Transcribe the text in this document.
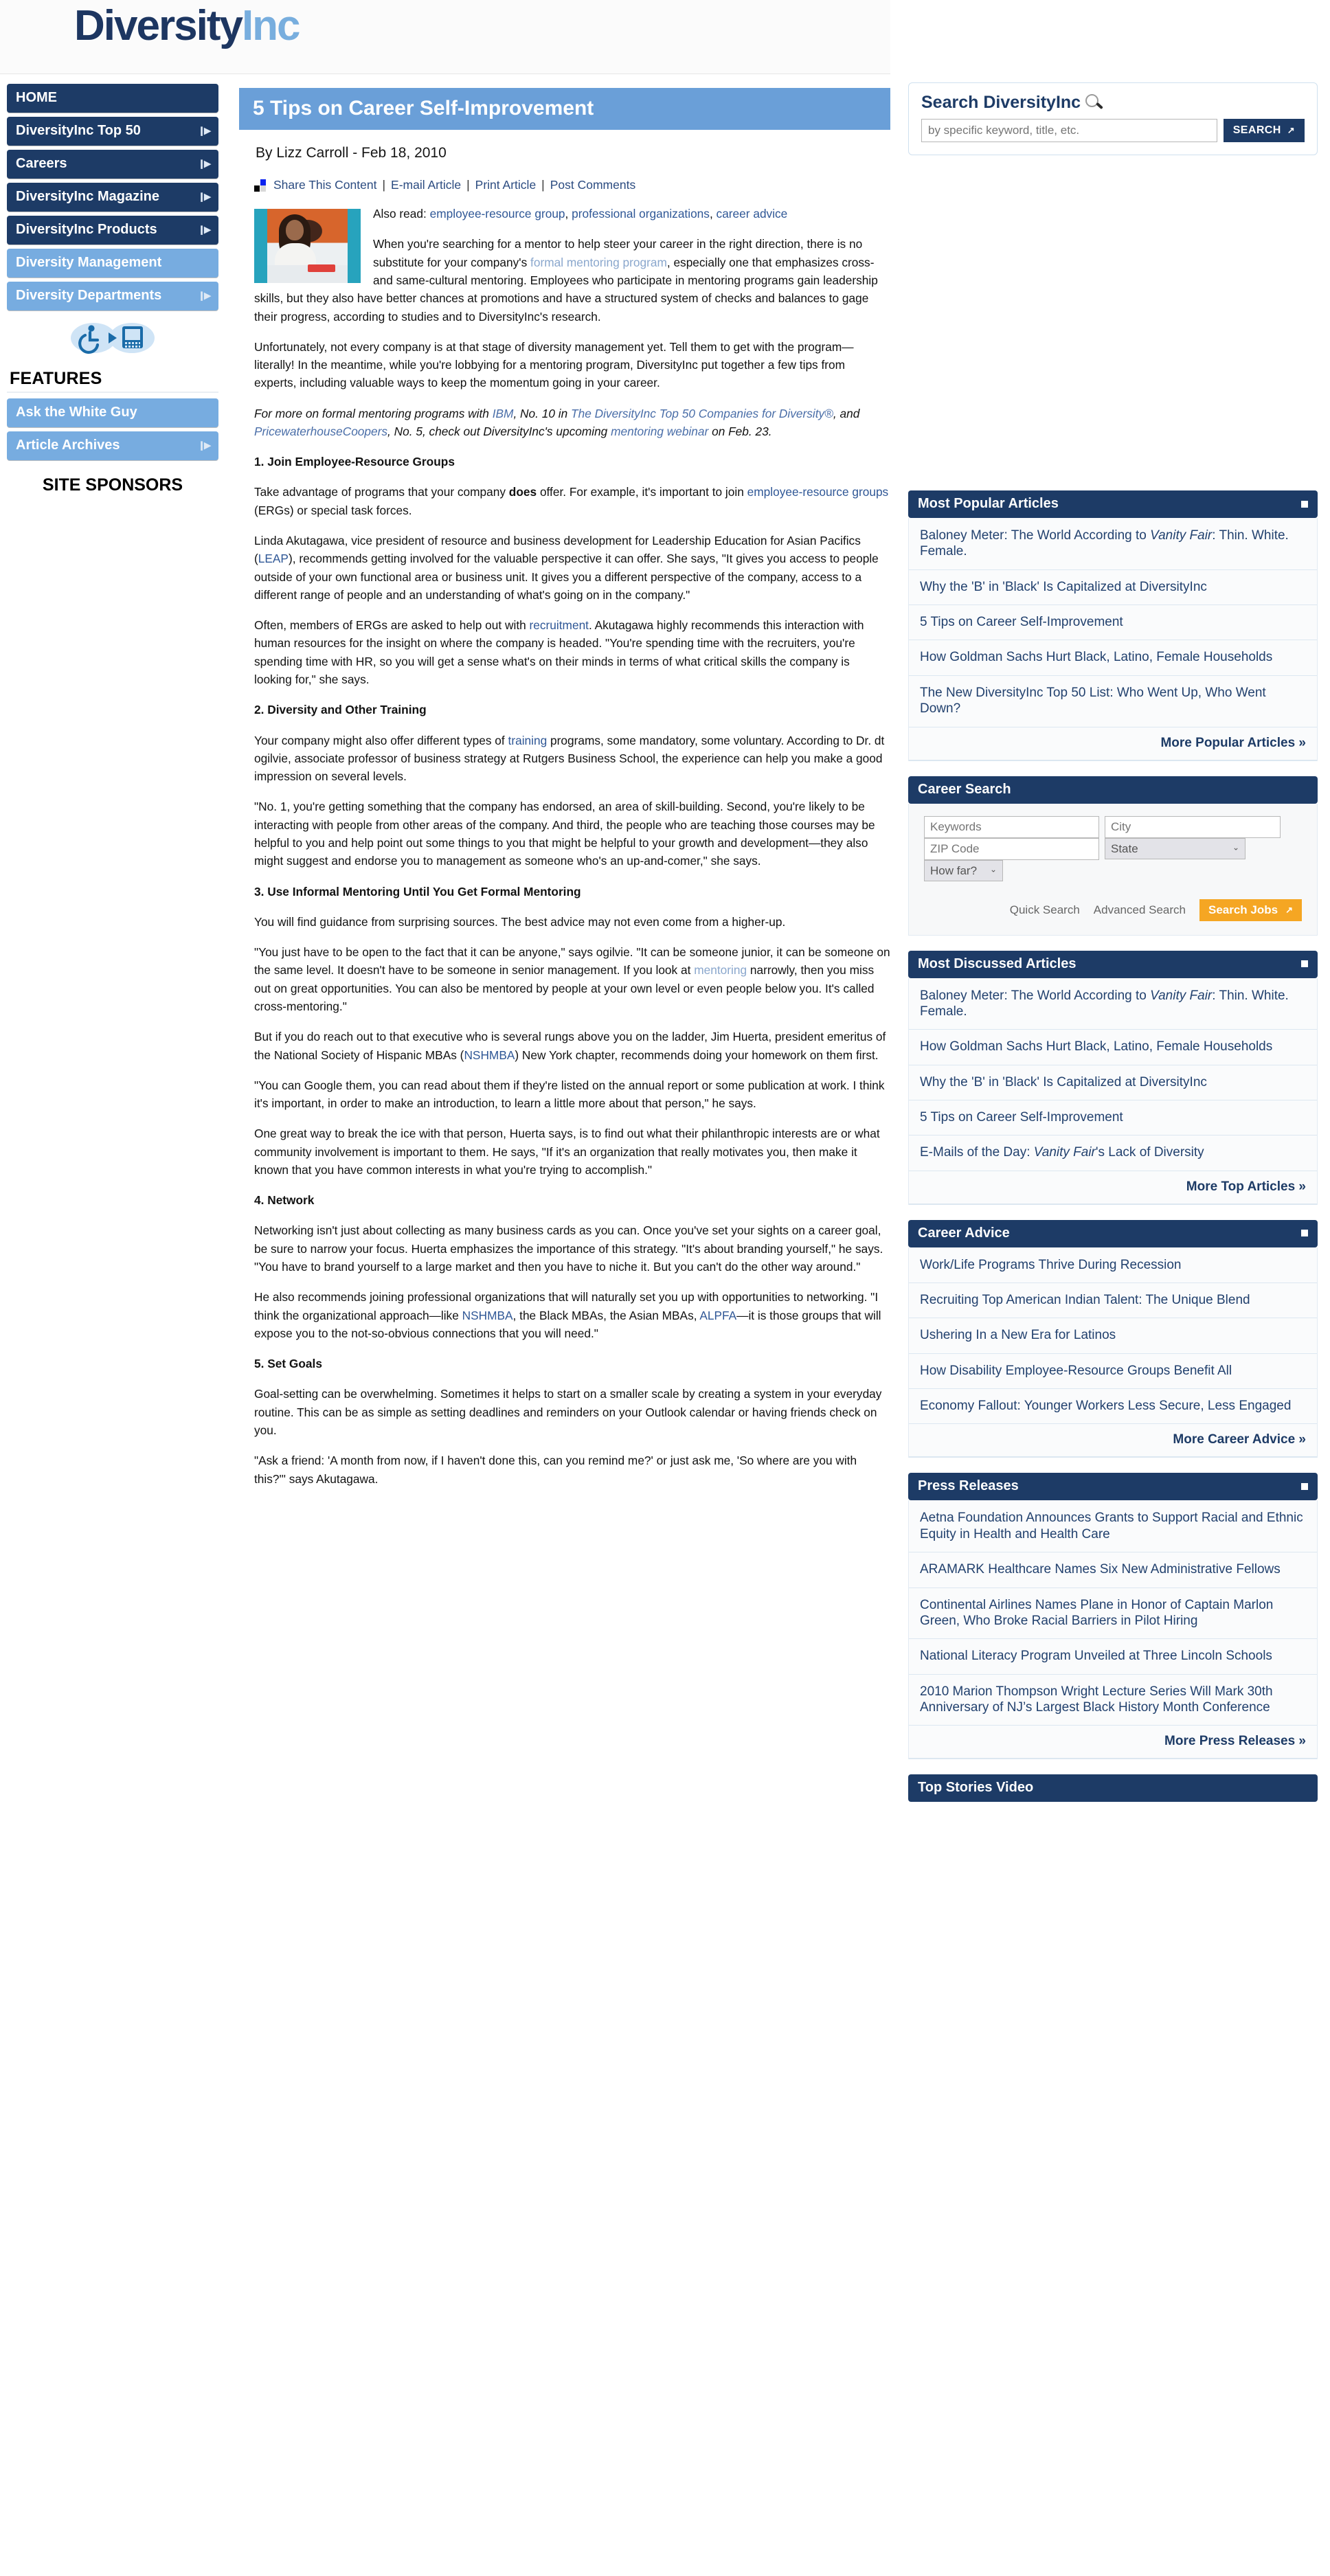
DiversityInc
HOME
DiversityInc Top 50	❙▶
Careers	❙▶
DiversityInc Magazine	❙▶
DiversityInc Products	❙▶
Diversity Management
Diversity Departments	❙▶
FEATURES
Ask the White Guy
Article Archives	❙▶
SITE SPONSORS
5 Tips on Career Self-Improvement
By Lizz Carroll - Feb 18, 2010
Share This Content | E-mail Article | Print Article | Post Comments

Also read: employee-resource group, professional organizations, career advice

When you're searching for a mentor to help steer your career in the right direction, there is no substitute for your company's formal mentoring program, especially one that emphasizes cross- and same-cultural mentoring. Employees who participate in mentoring programs gain leadership skills, but they also have better chances at promotions and have a structured system of checks and balances to gage their progress, according to studies and to DiversityInc's research.

Unfortunately, not every company is at that stage of diversity management yet. Tell them to get with the program—literally! In the meantime, while you're lobbying for a mentoring program, DiversityInc put together a few tips from experts, including valuable ways to keep the momentum going in your career.

For more on formal mentoring programs with IBM, No. 10 in The DiversityInc Top 50 Companies for Diversity®, and PricewaterhouseCoopers, No. 5, check out DiversityInc's upcoming mentoring webinar on Feb. 23.

1. Join Employee-Resource Groups

Take advantage of programs that your company does offer. For example, it's important to join employee-resource groups (ERGs) or special task forces.

Linda Akutagawa, vice president of resource and business development for Leadership Education for Asian Pacifics (LEAP), recommends getting involved for the valuable perspective it can offer. She says, "It gives you access to people outside of your own functional area or business unit. It gives you a different perspective of the company, access to a different range of people and an understanding of what's going on in the company."

Often, members of ERGs are asked to help out with recruitment. Akutagawa highly recommends this interaction with human resources for the insight on where the company is headed. "You're spending time with the recruiters, you're spending time with HR, so you will get a sense what's on their minds in terms of what critical skills the company is looking for," she says.

2. Diversity and Other Training

Your company might also offer different types of training programs, some mandatory, some voluntary. According to Dr. dt ogilvie, associate professor of business strategy at Rutgers Business School, the experience can help you make a good impression on several levels.

"No. 1, you're getting something that the company has endorsed, an area of skill-building. Second, you're likely to be interacting with people from other areas of the company. And third, the people who are teaching those courses may be helpful to you and help point out some things to you that might be helpful to your growth and development—they also might suggest and endorse you to management as someone who's an up-and-comer," she says.

3. Use Informal Mentoring Until You Get Formal Mentoring

You will find guidance from surprising sources. The best advice may not even come from a higher-up.

"You just have to be open to the fact that it can be anyone," says ogilvie. "It can be someone junior, it can be someone on the same level. It doesn't have to be someone in senior management. If you look at mentoring narrowly, then you miss out on great opportunities. You can also be mentored by people at your own level or even people below you. It's called cross-mentoring."

But if you do reach out to that executive who is several rungs above you on the ladder, Jim Huerta, president emeritus of the National Society of Hispanic MBAs (NSHMBA) New York chapter, recommends doing your homework on them first.

"You can Google them, you can read about them if they're listed on the annual report or some publication at work. I think it's important, in order to make an introduction, to learn a little more about that person," he says.

One great way to break the ice with that person, Huerta says, is to find out what their philanthropic interests are or what community involvement is important to them. He says, "If it's an organization that really motivates you, then make it known that you have common interests in what you're trying to accomplish."

4. Network

Networking isn't just about collecting as many business cards as you can. Once you've set your sights on a career goal, be sure to narrow your focus. Huerta emphasizes the importance of this strategy. "It's about branding yourself," he says. "You have to brand yourself to a large market and then you have to niche it. But you can't do the other way around."

He also recommends joining professional organizations that will naturally set you up with opportunities to networking. "I think the organizational approach—like NSHMBA, the Black MBAs, the Asian MBAs, ALPFA—it is those groups that will expose you to the not-so-obvious connections that you will need."

5. Set Goals

Goal-setting can be overwhelming. Sometimes it helps to start on a smaller scale by creating a system in your everyday routine. This can be as simple as setting deadlines and reminders on your Outlook calendar or having friends check on you.

"Ask a friend: 'A month from now, if I haven't done this, can you remind me?' or just ask me, 'So where are you with this?'" says Akutagawa.

Search DiversityInc
by specific keyword, title, etc.
SEARCH ↗
Most Popular Articles
Baloney Meter: The World According to Vanity Fair: Thin. White. Female.
Why the 'B' in 'Black' Is Capitalized at DiversityInc
5 Tips on Career Self-Improvement
How Goldman Sachs Hurt Black, Latino, Female Households
The New DiversityInc Top 50 List: Who Went Up, Who Went Down?
More Popular Articles »
Career Search
Keywords
ZIP Code
How far?
⌄
City
State
⌄
Quick Search Advanced Search Search Jobs ↗
Most Discussed Articles
Baloney Meter: The World According to Vanity Fair: Thin. White. Female.
How Goldman Sachs Hurt Black, Latino, Female Households
Why the 'B' in 'Black' Is Capitalized at DiversityInc
5 Tips on Career Self-Improvement
E-Mails of the Day: Vanity Fair's Lack of Diversity
More Top Articles »
Career Advice
Work/Life Programs Thrive During Recession
Recruiting Top American Indian Talent: The Unique Blend
Ushering In a New Era for Latinos
How Disability Employee-Resource Groups Benefit All
Economy Fallout: Younger Workers Less Secure, Less Engaged
More Career Advice »
Press Releases
Aetna Foundation Announces Grants to Support Racial and Ethnic Equity in Health and Health Care
ARAMARK Healthcare Names Six New Administrative Fellows
Continental Airlines Names Plane in Honor of Captain Marlon Green, Who Broke Racial Barriers in Pilot Hiring
National Literacy Program Unveiled at Three Lincoln Schools
2010 Marion Thompson Wright Lecture Series Will Mark 30th Anniversary of NJ’s Largest Black History Month Conference
More Press Releases »
Top Stories Video
